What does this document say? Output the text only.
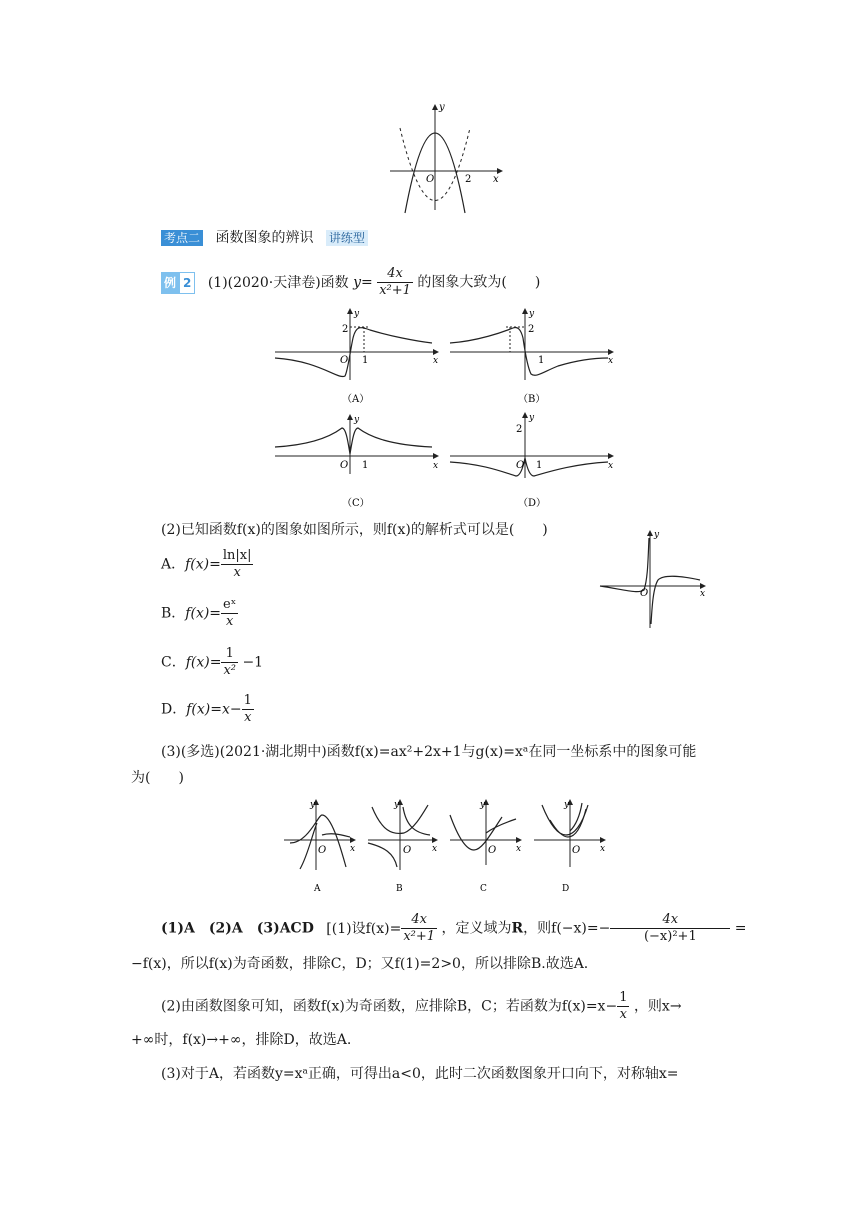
y
O	2 x
考点二 函数图象的辨识 讲练型
例 2 (1)(2020·天津卷)函数 $y= \frac{4x}{\text{x²+1}}$ 的图象大致为(　　)
y
2
O 1	x
（A）
y
2
1	x
（B）
y
O 1	x
（C）
y
2
O 1	x
（D）
(2)已知函数f(x)的图象如图所示，则f(x)的解析式可以是(　　)
A．$f(x)= \frac{\ln|x|}{x}$
B．$f(x)= \frac{\text{eˣ}}{x}$
C．$f(x)= \frac{1}{\text{x²}} -1$
D．$f(x)=x- \frac{1}{x}$
y
O	x
(3)(多选)(2021·湖北期中)函数f(x)=ax²+2x+1与g(x)=xᵃ在同一坐标系中的图象可能
为(　　)
y
O	x
A
y
O x
B
y
O x
C
y
O x
D
(1)A　(2)A　(3)ACD [(1)设$f(x)= \frac{4x}{\text{x²+1}}$ ，定义域为R，则$f(-x)=- \frac{4x}{\text{(−x)²+1}}$ =
−f(x)，所以f(x)为奇函数，排除C，D；又f(1)=2>0，所以排除B.故选A.
(2)由函数图象可知，函数f(x)为奇函数，应排除B，C；若函数为$f(x)=x- \frac{1}{x}$ ，则x→
+∞时，f(x)→+∞，排除D，故选A.
(3)对于A，若函数y=xᵃ正确，可得出a<0，此时二次函数图象开口向下，对称轴x=
